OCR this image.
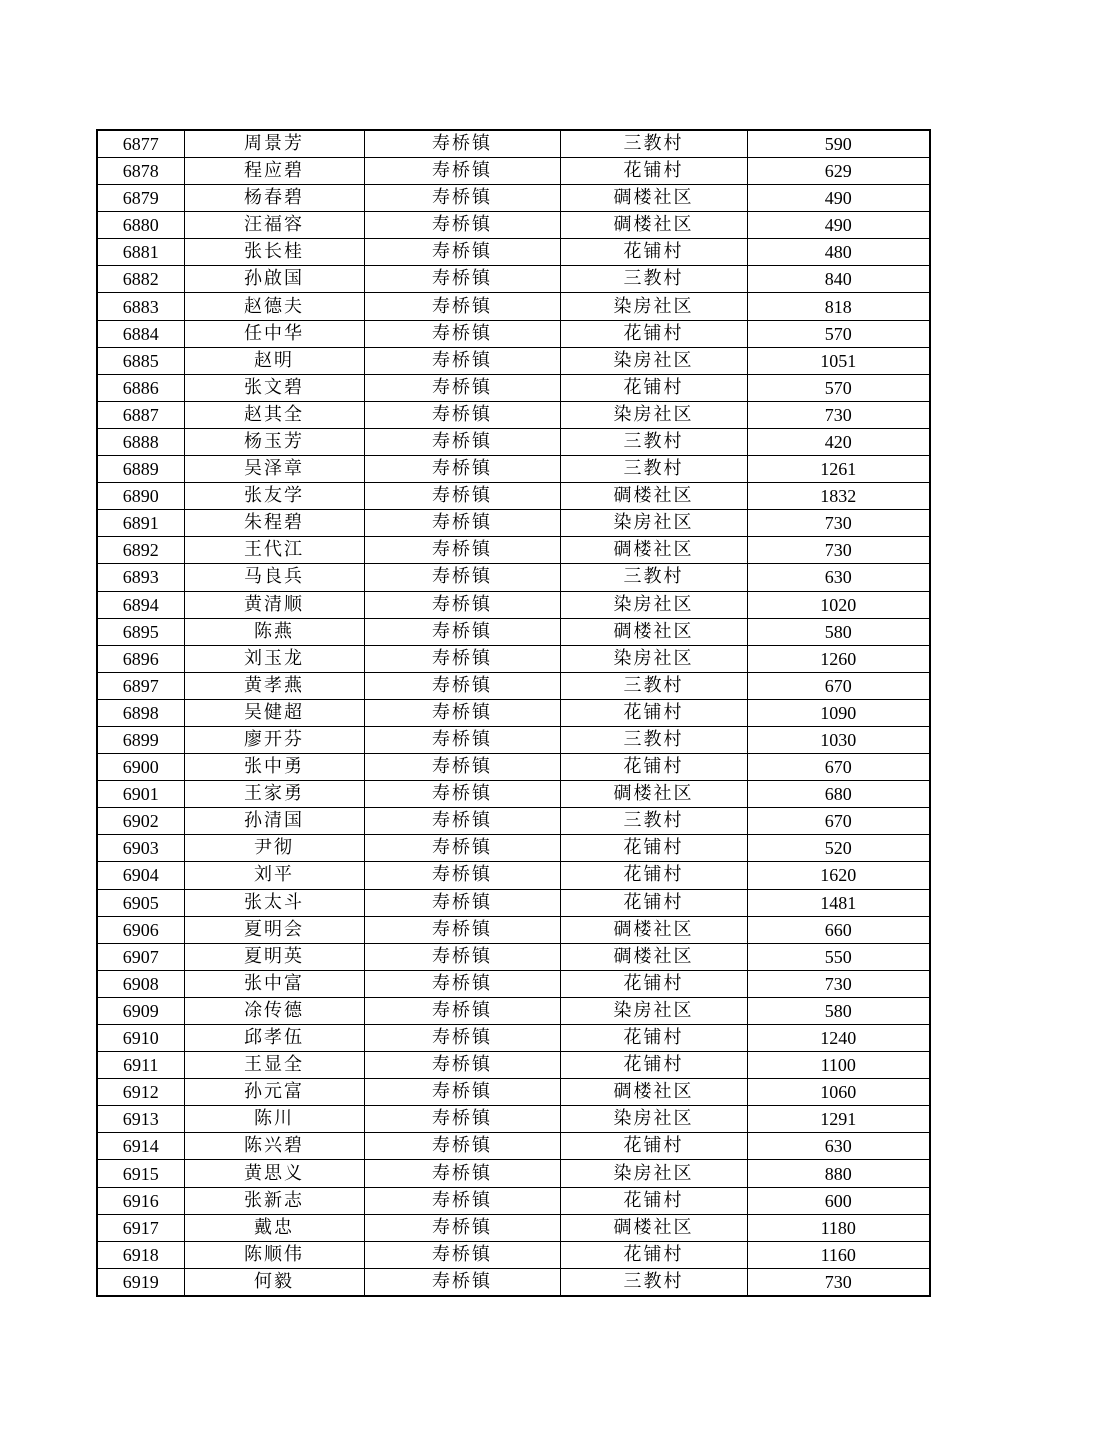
6877	周景芳	寿桥镇	三教村	590
6878	程应碧	寿桥镇	花铺村	629
6879	杨春碧	寿桥镇	碉楼社区	490
6880	汪福容	寿桥镇	碉楼社区	490
6881	张长桂	寿桥镇	花铺村	480
6882	孙啟国	寿桥镇	三教村	840
6883	赵德夫	寿桥镇	染房社区	818
6884	任中华	寿桥镇	花铺村	570
6885	赵明	寿桥镇	染房社区	1051
6886	张文碧	寿桥镇	花铺村	570
6887	赵其全	寿桥镇	染房社区	730
6888	杨玉芳	寿桥镇	三教村	420
6889	吴泽章	寿桥镇	三教村	1261
6890	张友学	寿桥镇	碉楼社区	1832
6891	朱程碧	寿桥镇	染房社区	730
6892	王代江	寿桥镇	碉楼社区	730
6893	马良兵	寿桥镇	三教村	630
6894	黄清顺	寿桥镇	染房社区	1020
6895	陈燕	寿桥镇	碉楼社区	580
6896	刘玉龙	寿桥镇	染房社区	1260
6897	黄孝燕	寿桥镇	三教村	670
6898	吴健超	寿桥镇	花铺村	1090
6899	廖开芬	寿桥镇	三教村	1030
6900	张中勇	寿桥镇	花铺村	670
6901	王家勇	寿桥镇	碉楼社区	680
6902	孙清国	寿桥镇	三教村	670
6903	尹彻	寿桥镇	花铺村	520
6904	刘平	寿桥镇	花铺村	1620
6905	张太斗	寿桥镇	花铺村	1481
6906	夏明会	寿桥镇	碉楼社区	660
6907	夏明英	寿桥镇	碉楼社区	550
6908	张中富	寿桥镇	花铺村	730
6909	凃传德	寿桥镇	染房社区	580
6910	邱孝伍	寿桥镇	花铺村	1240
6911	王显全	寿桥镇	花铺村	1100
6912	孙元富	寿桥镇	碉楼社区	1060
6913	陈川	寿桥镇	染房社区	1291
6914	陈兴碧	寿桥镇	花铺村	630
6915	黄思义	寿桥镇	染房社区	880
6916	张新志	寿桥镇	花铺村	600
6917	戴忠	寿桥镇	碉楼社区	1180
6918	陈顺伟	寿桥镇	花铺村	1160
6919	何毅	寿桥镇	三教村	730
